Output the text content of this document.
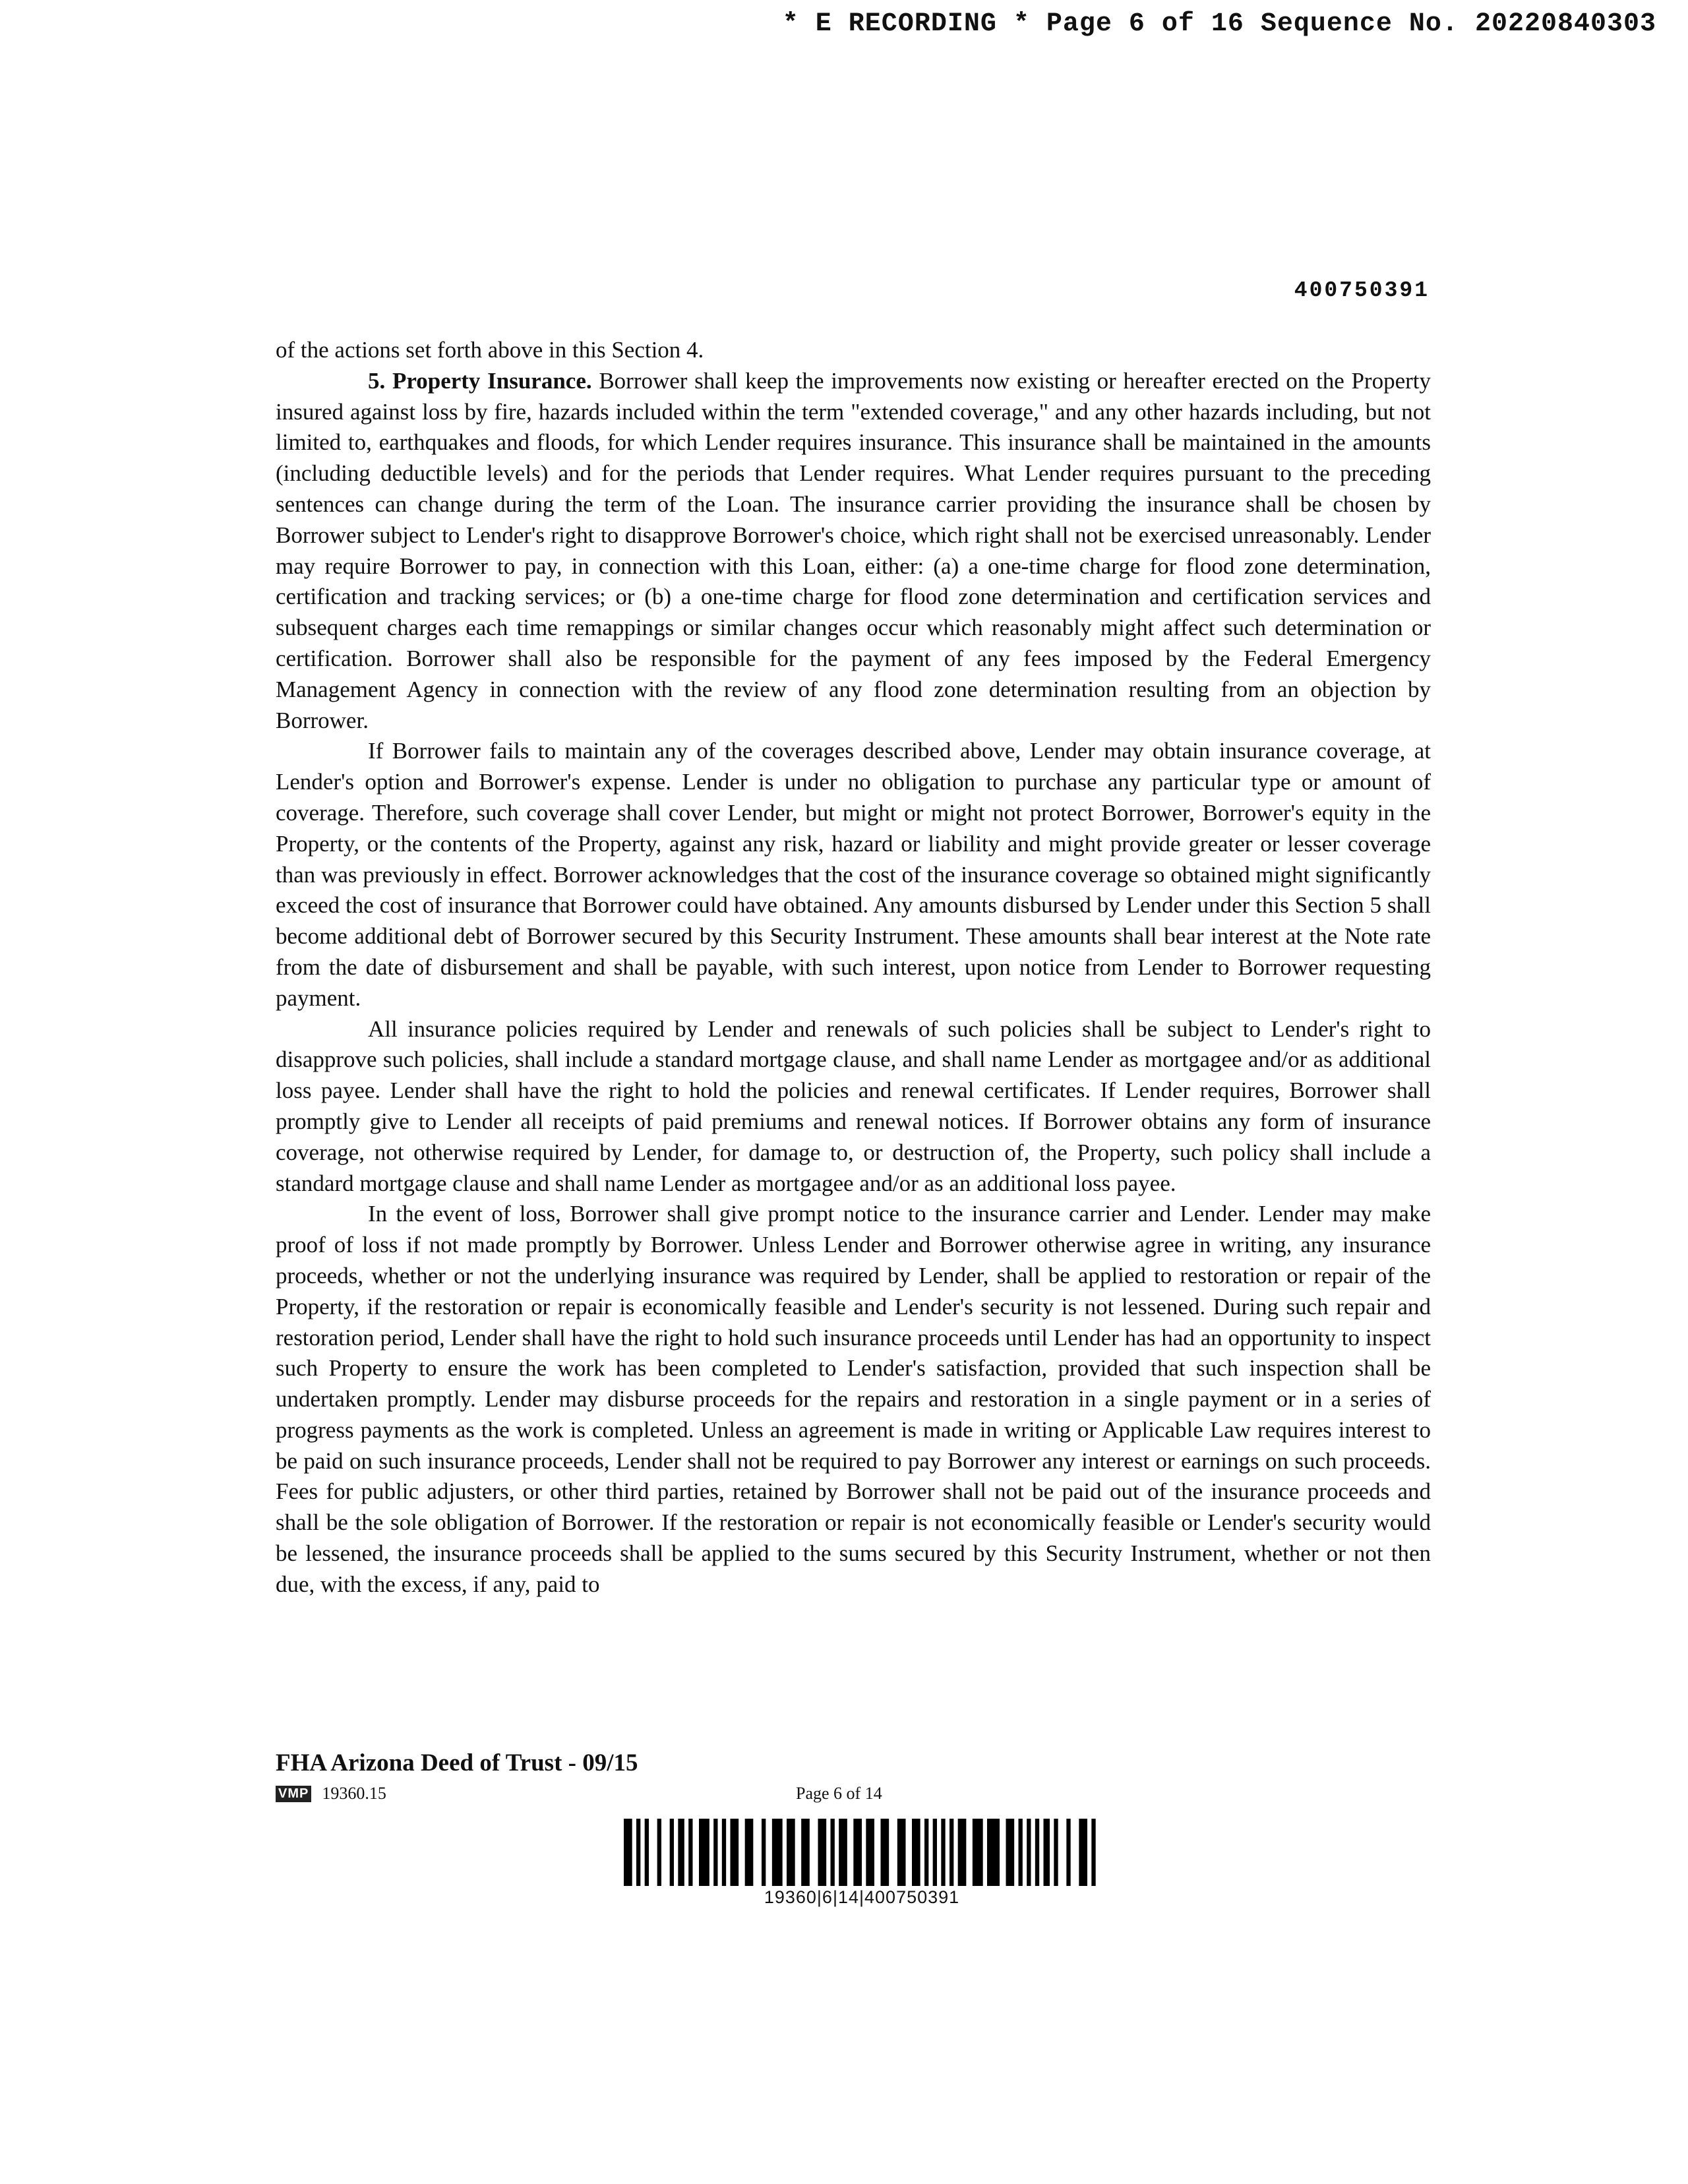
* E RECORDING * Page 6 of 16 Sequence No. 20220840303
400750391

of the actions set forth above in this Section 4.

5. Property Insurance. Borrower shall keep the improvements now existing or hereafter erected on the Property insured against loss by fire, hazards included within the term "extended coverage," and any other hazards including, but not limited to, earthquakes and floods, for which Lender requires insurance. This insurance shall be maintained in the amounts (including deductible levels) and for the periods that Lender requires. What Lender requires pursuant to the preceding sentences can change during the term of the Loan. The insurance carrier providing the insurance shall be chosen by Borrower subject to Lender's right to disapprove Borrower's choice, which right shall not be exercised unreasonably. Lender may require Borrower to pay, in connection with this Loan, either: (a) a one-time charge for flood zone determination, certification and tracking services; or (b) a one-time charge for flood zone determination and certification services and subsequent charges each time remappings or similar changes occur which reasonably might affect such determination or certification. Borrower shall also be responsible for the payment of any fees imposed by the Federal Emergency Management Agency in connection with the review of any flood zone determination resulting from an objection by Borrower.

If Borrower fails to maintain any of the coverages described above, Lender may obtain insurance coverage, at Lender's option and Borrower's expense. Lender is under no obligation to purchase any particular type or amount of coverage. Therefore, such coverage shall cover Lender, but might or might not protect Borrower, Borrower's equity in the Property, or the contents of the Property, against any risk, hazard or liability and might provide greater or lesser coverage than was previously in effect. Borrower acknowledges that the cost of the insurance coverage so obtained might significantly exceed the cost of insurance that Borrower could have obtained. Any amounts disbursed by Lender under this Section 5 shall become additional debt of Borrower secured by this Security Instrument. These amounts shall bear interest at the Note rate from the date of disbursement and shall be payable, with such interest, upon notice from Lender to Borrower requesting payment.

All insurance policies required by Lender and renewals of such policies shall be subject to Lender's right to disapprove such policies, shall include a standard mortgage clause, and shall name Lender as mortgagee and/or as additional loss payee. Lender shall have the right to hold the policies and renewal certificates. If Lender requires, Borrower shall promptly give to Lender all receipts of paid premiums and renewal notices. If Borrower obtains any form of insurance coverage, not otherwise required by Lender, for damage to, or destruction of, the Property, such policy shall include a standard mortgage clause and shall name Lender as mortgagee and/or as an additional loss payee.

In the event of loss, Borrower shall give prompt notice to the insurance carrier and Lender. Lender may make proof of loss if not made promptly by Borrower. Unless Lender and Borrower otherwise agree in writing, any insurance proceeds, whether or not the underlying insurance was required by Lender, shall be applied to restoration or repair of the Property, if the restoration or repair is economically feasible and Lender's security is not lessened. During such repair and restoration period, Lender shall have the right to hold such insurance proceeds until Lender has had an opportunity to inspect such Property to ensure the work has been completed to Lender's satisfaction, provided that such inspection shall be undertaken promptly. Lender may disburse proceeds for the repairs and restoration in a single payment or in a series of progress payments as the work is completed. Unless an agreement is made in writing or Applicable Law requires interest to be paid on such insurance proceeds, Lender shall not be required to pay Borrower any interest or earnings on such proceeds. Fees for public adjusters, or other third parties, retained by Borrower shall not be paid out of the insurance proceeds and shall be the sole obligation of Borrower. If the restoration or repair is not economically feasible or Lender's security would be lessened, the insurance proceeds shall be applied to the sums secured by this Security Instrument, whether or not then due, with the excess, if any, paid to

FHA Arizona Deed of Trust - 09/15
VMP 19360.15	Page 6 of 14
19360|6|14|400750391
